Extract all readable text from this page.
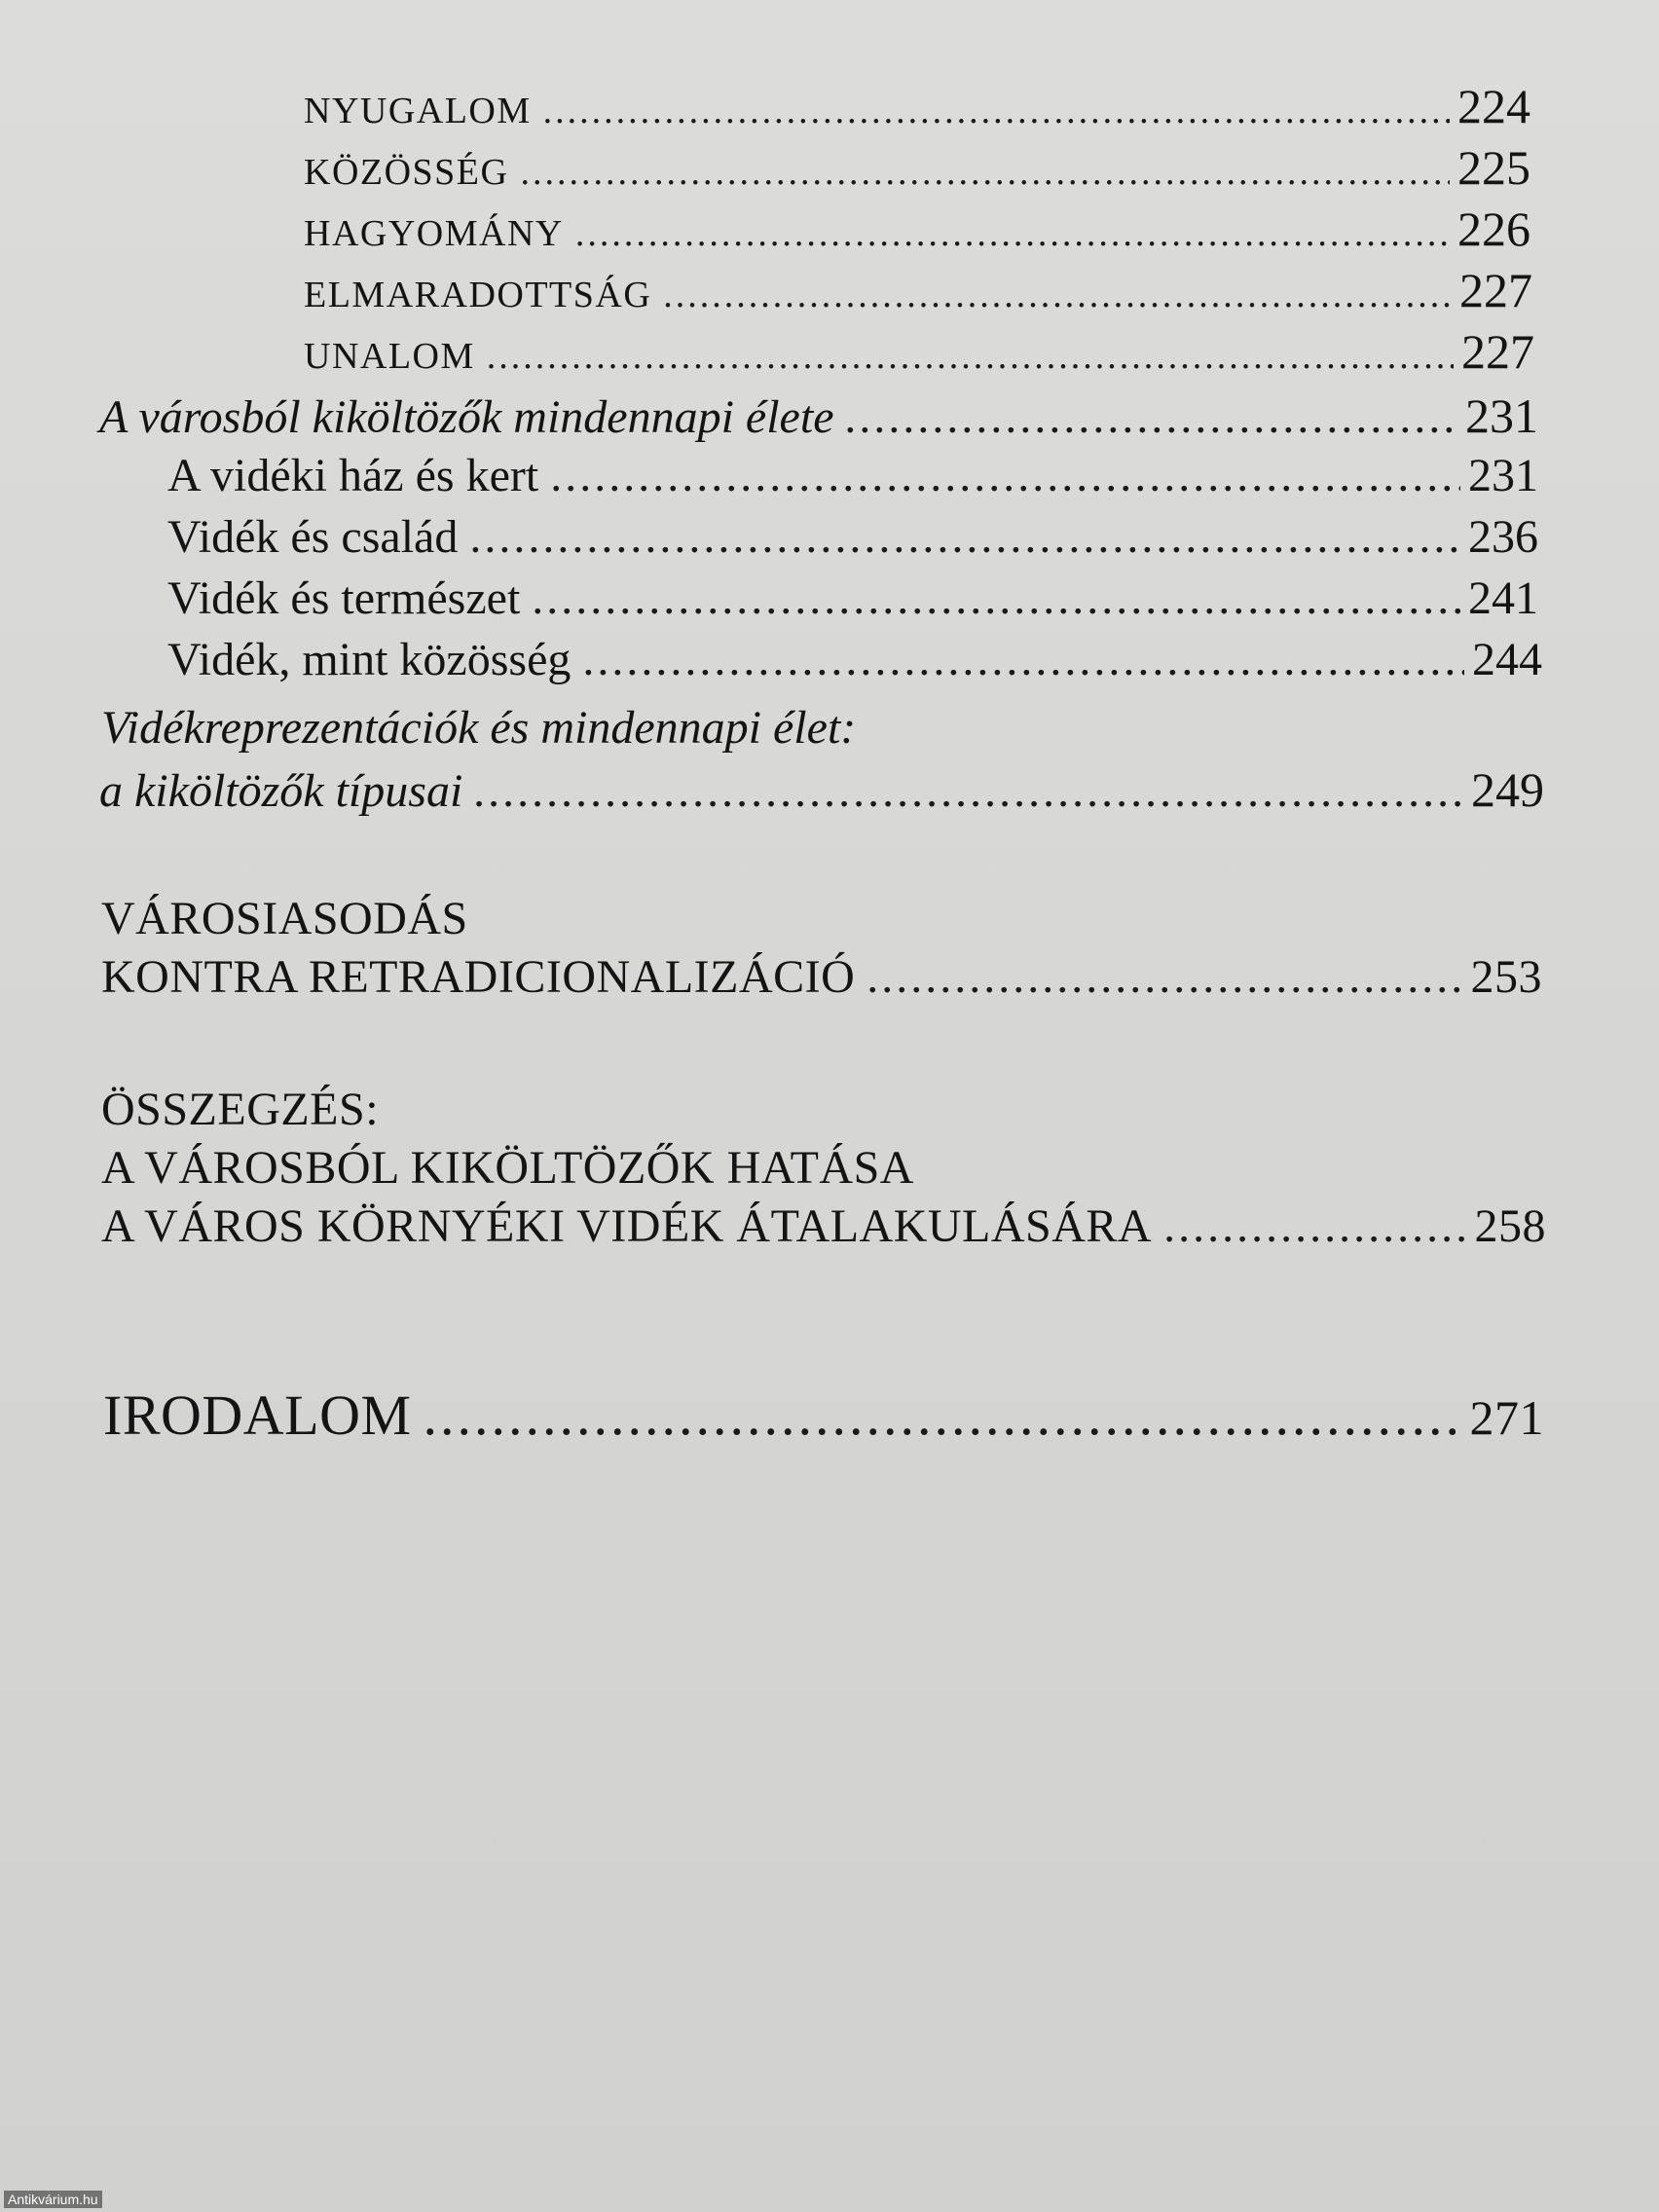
NYUGALOM .....	224
KÖZÖSSÉG .....	225
HAGYOMÁNY .....	226
ELMARADOTTSÁG .....	227
UNALOM .....	227
A városból kiköltözők mindennapi élete .....	231
A vidéki ház és kert .....	231
Vidék és család .....	236
Vidék és természet .....	241
Vidék, mint közösség .....	244
Vidékreprezentációk és mindennapi élet:
a kiköltözők típusai .....	249
VÁROSIASODÁS
KONTRA RETRADICIONALIZÁCIÓ .....	253
ÖSSZEGZÉS:
A VÁROSBÓL KIKÖLTÖZŐK HATÁSA
A VÁROS KÖRNYÉKI VIDÉK ÁTALAKULÁSÁRA .....	258
IRODALOM .....	271
Antikvárium.hu
